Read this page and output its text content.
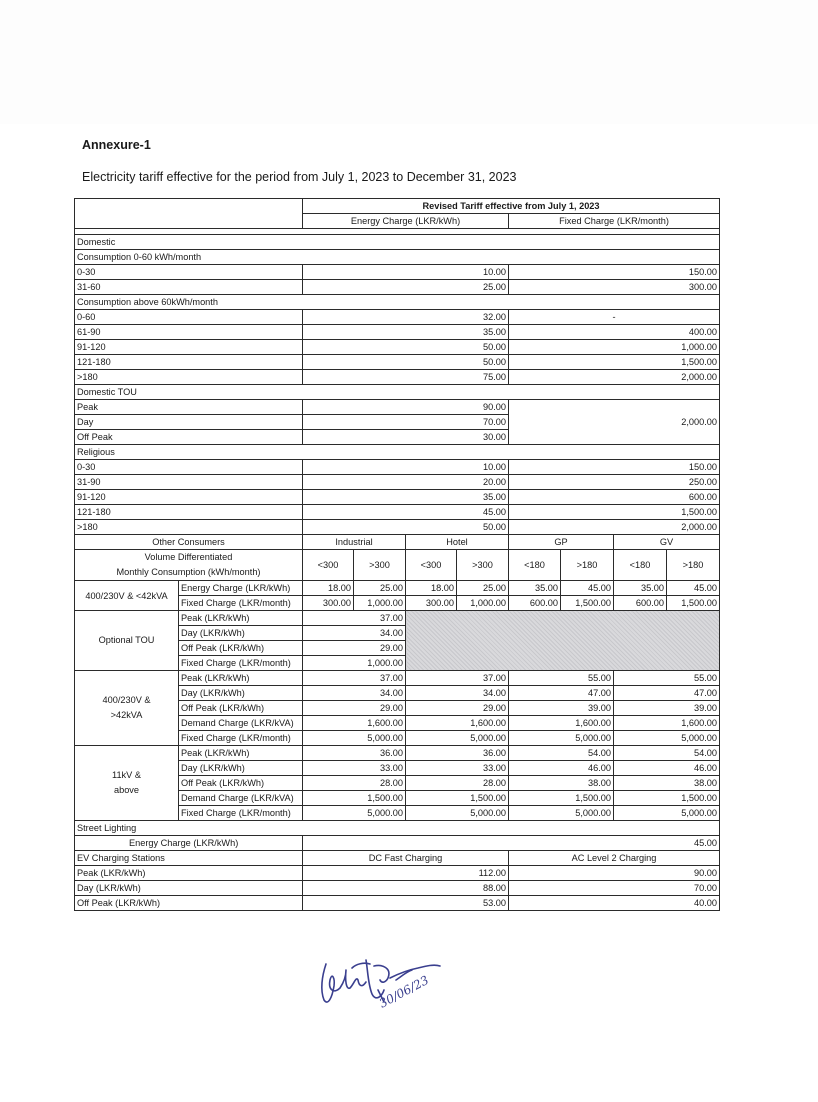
Annexure-1
Electricity tariff effective for the period from July 1, 2023 to December 31, 2023
		Revised Tariff effective from July 1, 2023							
		Energy Charge (LKR/kWh)				Fixed Charge (LKR/month)			

Domestic									
Consumption 0-60 kWh/month									
0-30		10.00				150.00			
31-60		25.00				300.00			
Consumption above 60kWh/month									
0-60		32.00				-			
61-90		35.00				400.00			
91-120		50.00				1,000.00			
121-180		50.00				1,500.00			
>180		75.00				2,000.00			
Domestic TOU									
Peak		90.00				2,000.00			
Day		70.00							
Off Peak		30.00							
Religious									
0-30		10.00				150.00			
31-90		20.00				250.00			
91-120		35.00				600.00			
121-180		45.00				1,500.00			
>180		50.00				2,000.00			
Other Consumers		Industrial		Hotel		GP		GV	
Volume Differentiated
Monthly Consumption (kWh/month)		<300	>300	<300	>300	<180	>180	<180	>180
400/230V & <42kVA	Energy Charge (LKR/kWh)	18.00	25.00	18.00	25.00	35.00	45.00	35.00	45.00
	Fixed Charge (LKR/month)	300.00	1,000.00	300.00	1,000.00	600.00	1,500.00	600.00	1,500.00
Optional TOU	Peak (LKR/kWh)	37.00							
	Day (LKR/kWh)	34.00							
	Off Peak (LKR/kWh)	29.00							
	Fixed Charge (LKR/month)	1,000.00							
400/230V & >42kVA	Peak (LKR/kWh)	37.00		37.00		55.00		55.00	
	Day (LKR/kWh)	34.00		34.00		47.00		47.00	
	Off Peak (LKR/kWh)	29.00		29.00		39.00		39.00	
	Demand Charge (LKR/kVA)	1,600.00		1,600.00		1,600.00		1,600.00	
	Fixed Charge (LKR/month)	5,000.00		5,000.00		5,000.00		5,000.00	
11kV & above	Peak (LKR/kWh)	36.00		36.00		54.00		54.00	
	Day (LKR/kWh)	33.00		33.00		46.00		46.00	
	Off Peak (LKR/kWh)	28.00		28.00		38.00		38.00	
	Demand Charge (LKR/kVA)	1,500.00		1,500.00		1,500.00		1,500.00	
	Fixed Charge (LKR/month)	5,000.00		5,000.00		5,000.00		5,000.00	
Street Lighting									
Energy Charge (LKR/kWh)		45.00							
EV Charging Stations		DC Fast Charging				AC Level 2 Charging			
Peak (LKR/kWh)		112.00				90.00			
Day (LKR/kWh)		88.00				70.00			
Off Peak (LKR/kWh)		53.00				40.00			
30/06/23
